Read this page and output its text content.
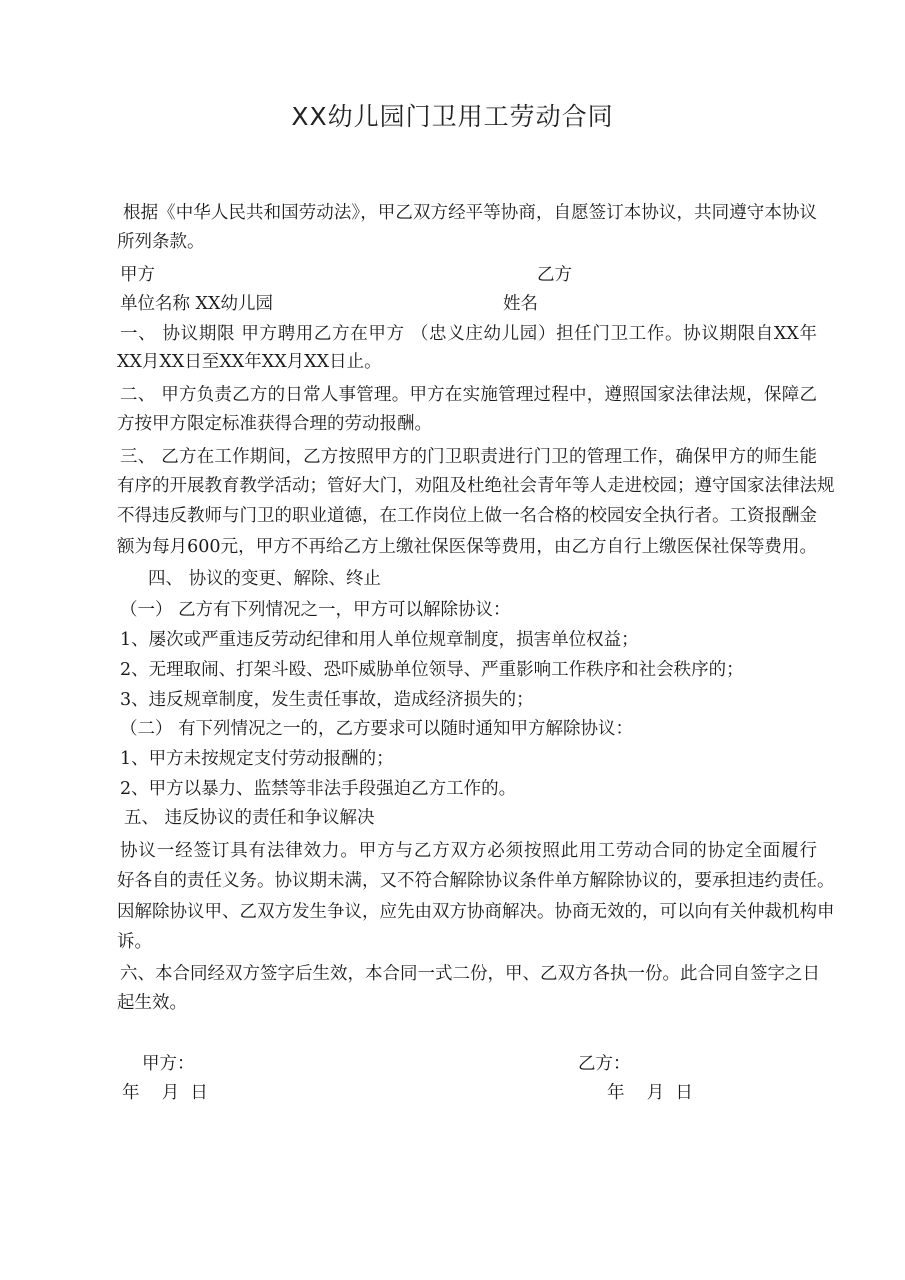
XX幼儿园门卫用工劳动合同
根据《中华人民共和国劳动法》，甲乙双方经平等协商，自愿签订本协议，共同遵守本协议
所列条款。
甲方	乙方
单位名称 XX幼儿园	姓名
一、 协议期限 甲方聘用乙方在甲方 （忠义庄幼儿园）担任门卫工作。协议期限自XX年
XX月XX日至XX年XX月XX日止。
二、 甲方负责乙方的日常人事管理。甲方在实施管理过程中，遵照国家法律法规，保障乙
方按甲方限定标准获得合理的劳动报酬。
三、 乙方在工作期间，乙方按照甲方的门卫职责进行门卫的管理工作，确保甲方的师生能
有序的开展教育教学活动；管好大门，劝阻及杜绝社会青年等人走进校园；遵守国家法律法规
不得违反教师与门卫的职业道德，在工作岗位上做一名合格的校园安全执行者。工资报酬金
额为每月600元，甲方不再给乙方上缴社保医保等费用，由乙方自行上缴医保社保等费用。
四、 协议的变更、解除、终止
（一） 乙方有下列情况之一，甲方可以解除协议：
1、屡次或严重违反劳动纪律和用人单位规章制度，损害单位权益；
2、无理取闹、打架斗殴、恐吓威胁单位领导、严重影响工作秩序和社会秩序的；
3、违反规章制度，发生责任事故，造成经济损失的；
（二） 有下列情况之一的，乙方要求可以随时通知甲方解除协议：
1、甲方未按规定支付劳动报酬的；
2、甲方以暴力、监禁等非法手段强迫乙方工作的。
五、 违反协议的责任和争议解决
协议一经签订具有法律效力。甲方与乙方双方必须按照此用工劳动合同的协定全面履行
好各自的责任义务。协议期未满，又不符合解除协议条件单方解除协议的，要承担违约责任。
因解除协议甲、乙双方发生争议，应先由双方协商解决。协商无效的，可以向有关仲裁机构申
诉。
六、本合同经双方签字后生效，本合同一式二份，甲、乙双方各执一份。此合同自签字之日
起生效。
甲方：	乙方：
年    月  日	年    月  日
